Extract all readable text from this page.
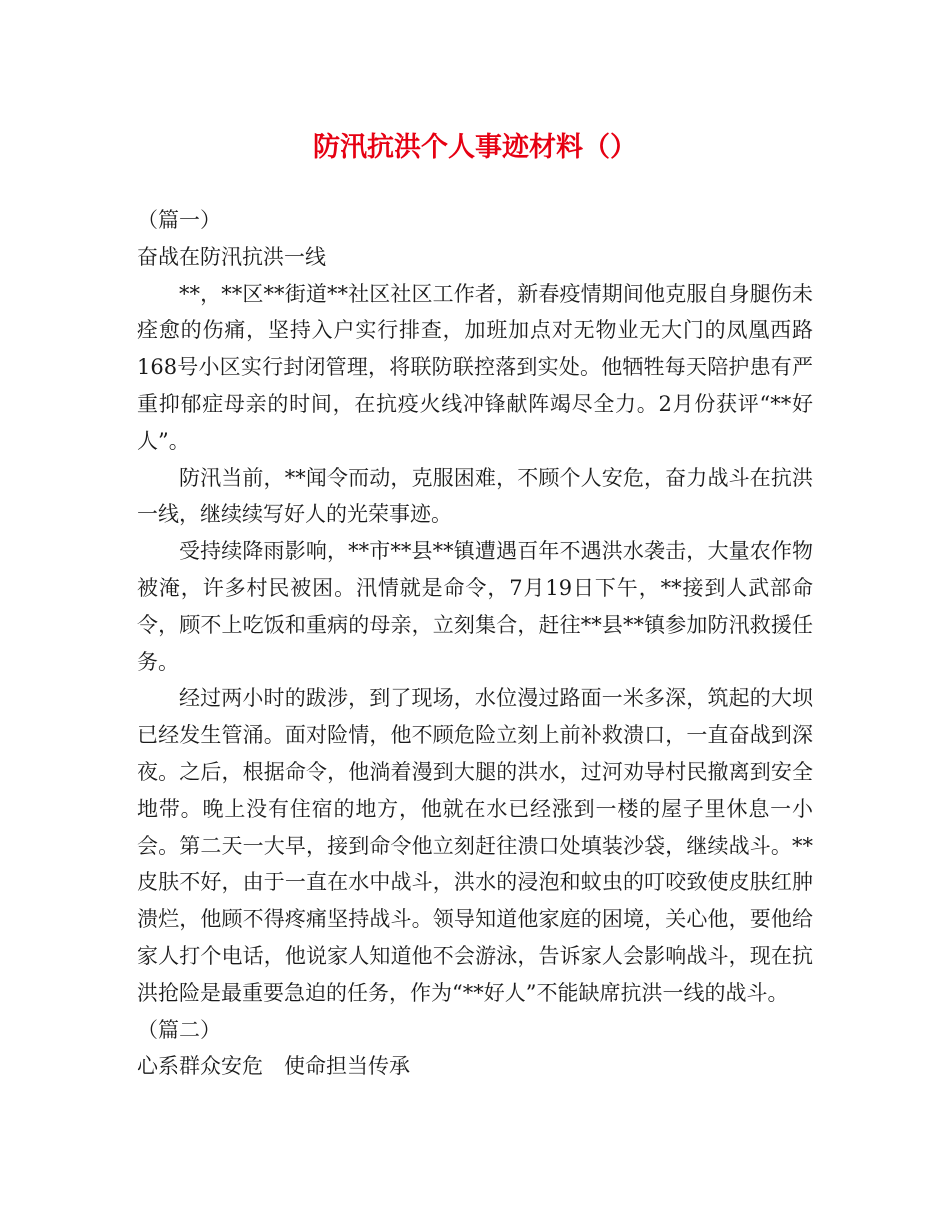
防汛抗洪个人事迹材料（）

（篇一）

奋战在防汛抗洪一线

**，**区**街道**社区社区工作者，新春疫情期间他克服自身腿伤未痊愈的伤痛，坚持入户实行排查，加班加点对无物业无大门的凤凰西路168号小区实行封闭管理，将联防联控落到实处。他牺牲每天陪护患有严重抑郁症母亲的时间，在抗疫火线冲锋献阵竭尽全力。2月份获评“**好人”。

防汛当前，**闻令而动，克服困难，不顾个人安危，奋力战斗在抗洪一线，继续续写好人的光荣事迹。

受持续降雨影响，**市**县**镇遭遇百年不遇洪水袭击，大量农作物被淹，许多村民被困。汛情就是命令，7月19日下午，**接到人武部命令，顾不上吃饭和重病的母亲，立刻集合，赶往**县**镇参加防汛救援任务。

经过两小时的跋涉，到了现场，水位漫过路面一米多深，筑起的大坝已经发生管涌。面对险情，他不顾危险立刻上前补救溃口，一直奋战到深夜。之后，根据命令，他淌着漫到大腿的洪水，过河劝导村民撤离到安全地带。晚上没有住宿的地方，他就在水已经涨到一楼的屋子里休息一小会。第二天一大早，接到命令他立刻赶往溃口处填装沙袋，继续战斗。**皮肤不好，由于一直在水中战斗，洪水的浸泡和蚊虫的叮咬致使皮肤红肿溃烂，他顾不得疼痛坚持战斗。领导知道他家庭的困境，关心他，要他给家人打个电话，他说家人知道他不会游泳，告诉家人会影响战斗，现在抗洪抢险是最重要急迫的任务，作为“**好人”不能缺席抗洪一线的战斗。

（篇二）

心系群众安危　使命担当传承
